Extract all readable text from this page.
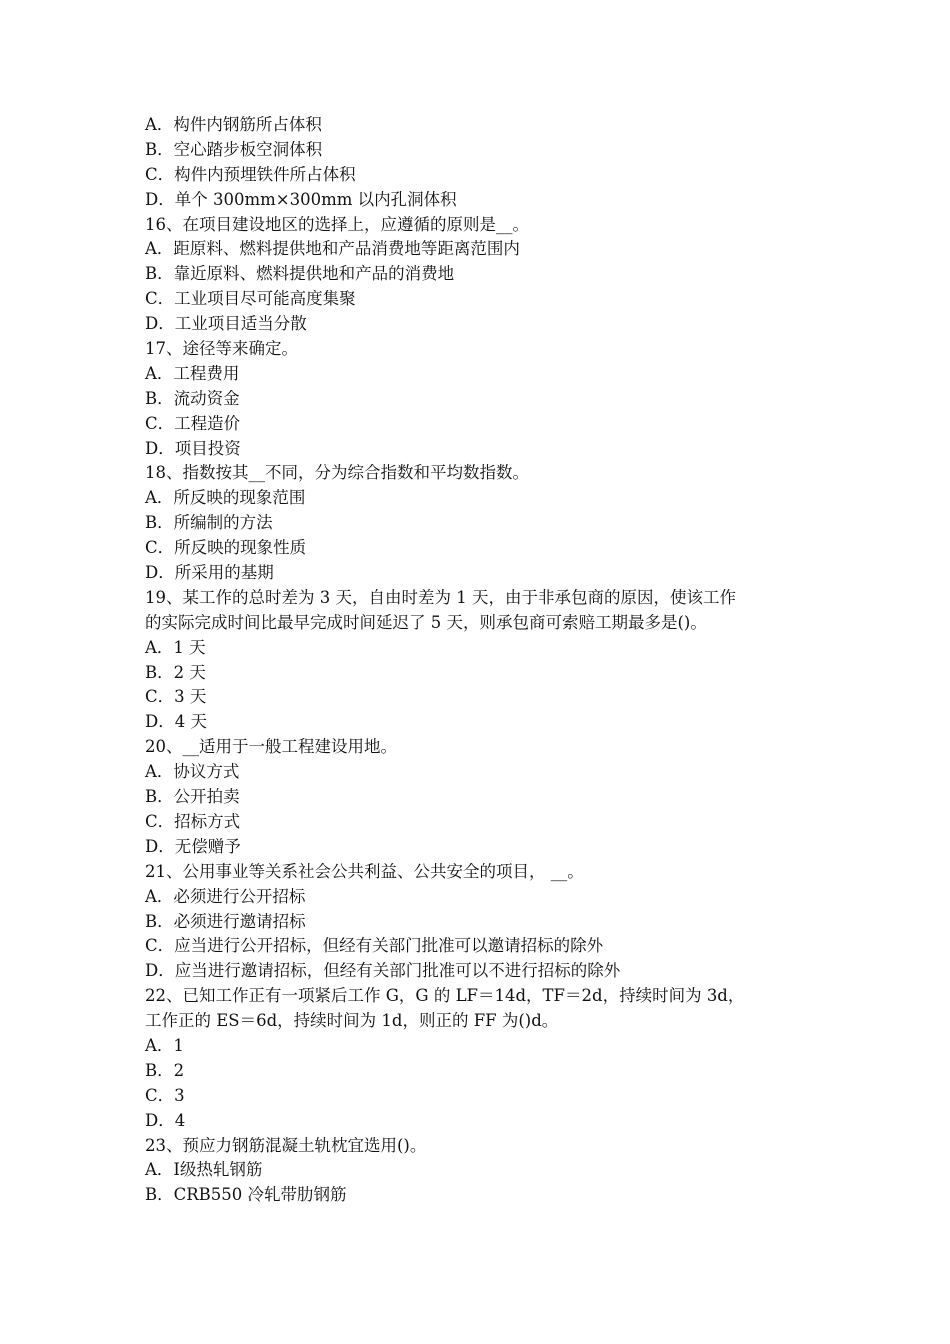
A．构件内钢筋所占体积
B．空心踏步板空洞体积
C．构件内预埋铁件所占体积
D．单个 300mm×300mm 以内孔洞体积
16、在项目建设地区的选择上，应遵循的原则是__。
A．距原料、燃料提供地和产品消费地等距离范围内
B．靠近原料、燃料提供地和产品的消费地
C．工业项目尽可能高度集聚
D．工业项目适当分散
17、途径等来确定。
A．工程费用
B．流动资金
C．工程造价
D．项目投资
18、指数按其__不同，分为综合指数和平均数指数。
A．所反映的现象范围
B．所编制的方法
C．所反映的现象性质
D．所采用的基期
19、某工作的总时差为 3 天，自由时差为 1 天，由于非承包商的原因，使该工作
的实际完成时间比最早完成时间延迟了 5 天，则承包商可索赔工期最多是()。
A．1 天
B．2 天
C．3 天
D．4 天
20、__适用于一般工程建设用地。
A．协议方式
B．公开拍卖
C．招标方式
D．无偿赠予
21、公用事业等关系社会公共利益、公共安全的项目， __。
A．必须进行公开招标
B．必须进行邀请招标
C．应当进行公开招标，但经有关部门批准可以邀请招标的除外
D．应当进行邀请招标，但经有关部门批准可以不进行招标的除外
22、已知工作正有一项紧后工作 G，G 的 LF＝14d，TF＝2d，持续时间为 3d，
工作正的 ES＝6d，持续时间为 1d，则正的 FF 为()d。
A．1
B．2
C．3
D．4
23、预应力钢筋混凝土轨枕宜选用()。
A．Ⅰ级热轧钢筋
B．CRB550 冷轧带肋钢筋
